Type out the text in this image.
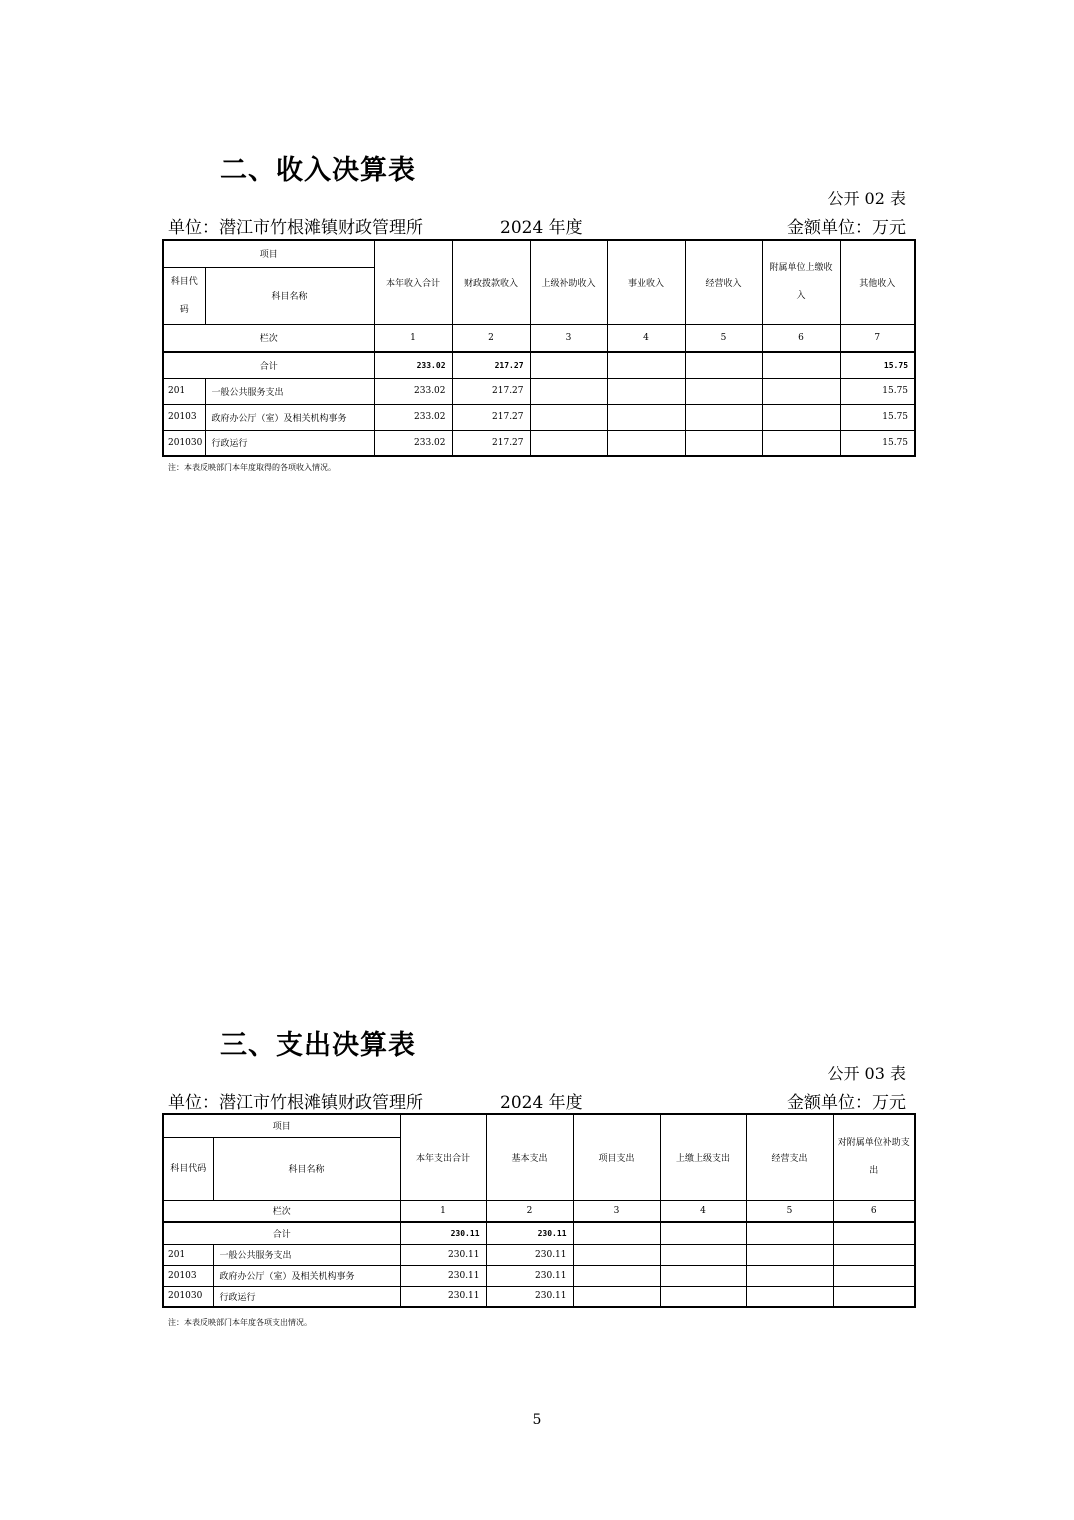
二、收入决算表
公开 02 表
单位：潜江市竹根滩镇财政管理所	2024 年度	金额单位：万元
项目		本年收入合计	财政拨款收入	上级补助收入	事业收入	经营收入	附属单位上缴收入	其他收入
科目代码	科目名称							
栏次		1	2	3	4	5	6	7
合计		233.02	217.27					15.75
201	一般公共服务支出	233.02	217.27					15.75
20103	政府办公厅（室）及相关机构事务	233.02	217.27					15.75
201030	行政运行	233.02	217.27					15.75
注：本表反映部门本年度取得的各项收入情况。
三、支出决算表
公开 03 表
单位：潜江市竹根滩镇财政管理所	2024 年度	金额单位：万元
项目		本年支出合计	基本支出	项目支出	上缴上级支出	经营支出	对附属单位补助支出
科目代码	科目名称						
栏次		1	2	3	4	5	6
合计		230.11	230.11				
201	一般公共服务支出	230.11	230.11				
20103	政府办公厅（室）及相关机构事务	230.11	230.11				
201030	行政运行	230.11	230.11				
注：本表反映部门本年度各项支出情况。
5
